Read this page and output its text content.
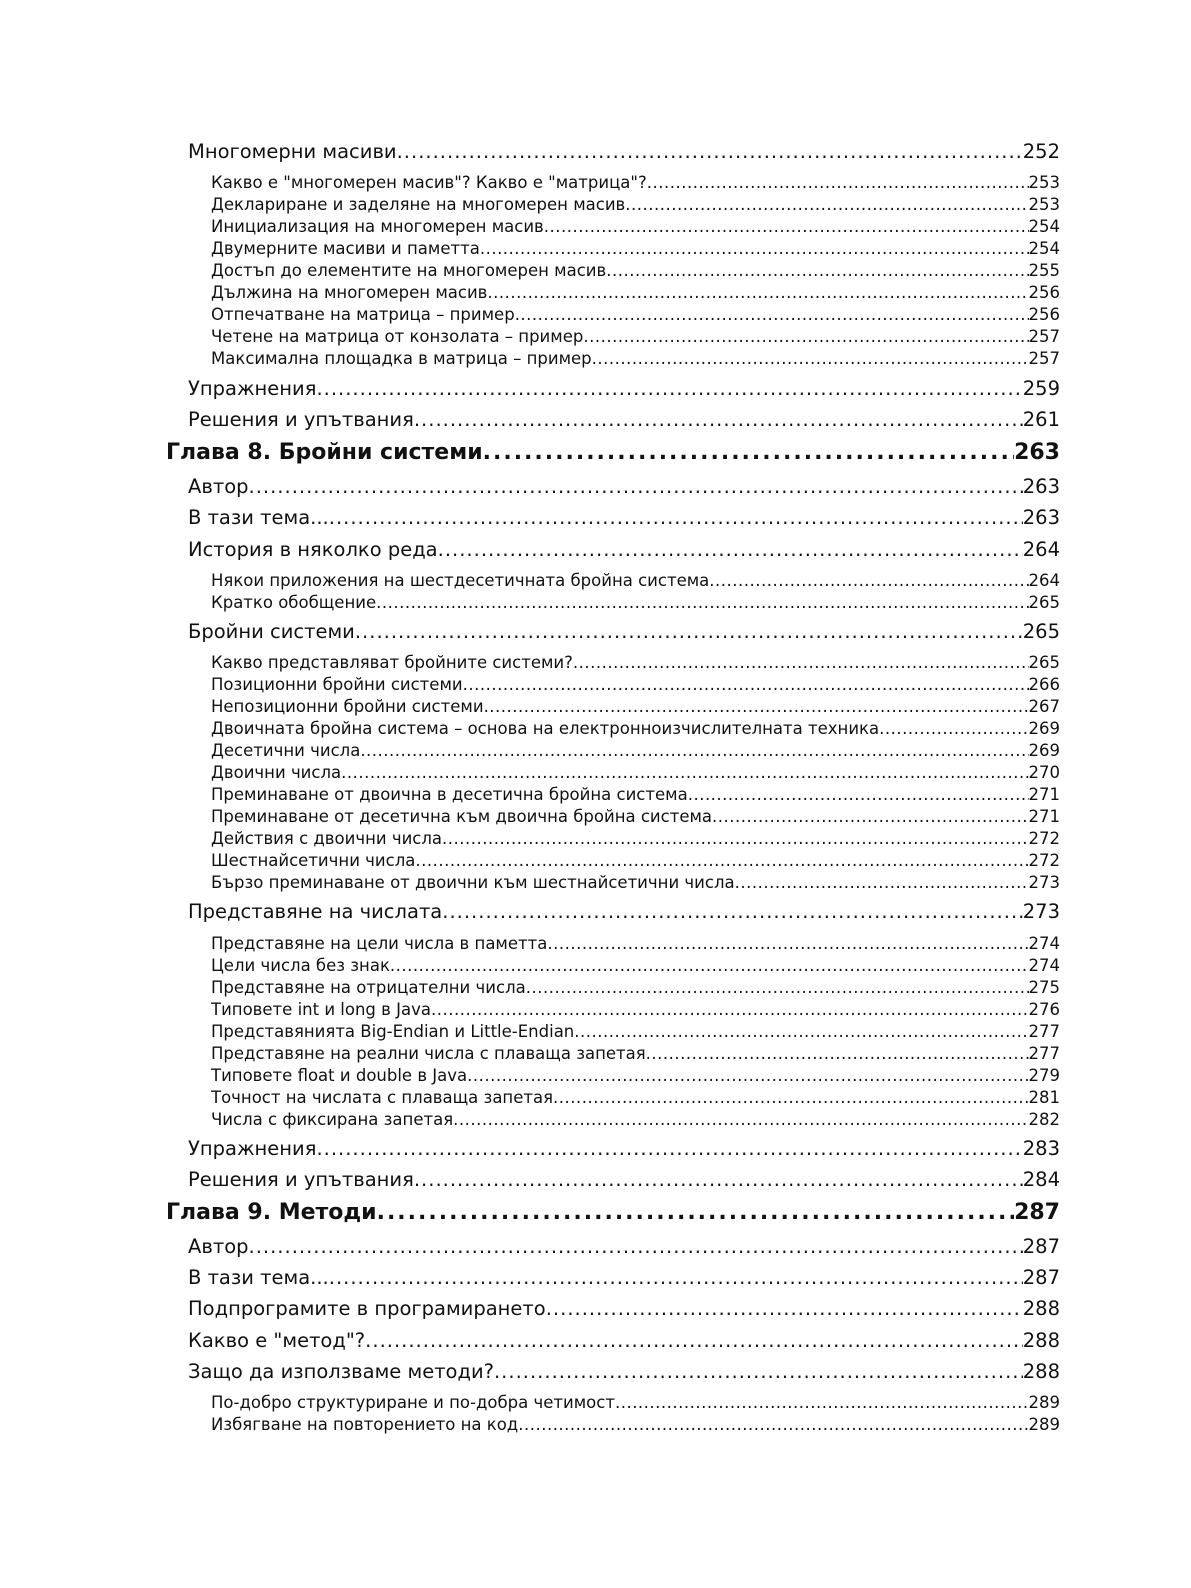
Многомерни масиви .....	252
Какво е "многомерен масив"? Какво е "матрица"? .....	253
Деклариране и заделяне на многомерен масив .....	253
Инициализация на многомерен масив .....	254
Двумерните масиви и паметта .....	254
Достъп до елементите на многомерен масив .....	255
Дължина на многомерен масив .....	256
Отпечатване на матрица – пример .....	256
Четене на матрица от конзолата – пример .....	257
Максимална площадка в матрица – пример .....	257
Упражнения .....	259
Решения и упътвания .....	261
Глава 8. Бройни системи .....	263
Автор .....	263
В тази тема... .....	263
История в няколко реда .....	264
Някои приложения на шестдесетичната бройна система .....	264
Кратко обобщение .....	265
Бройни системи .....	265
Какво представляват бройните системи? .....	265
Позиционни бройни системи .....	266
Непозиционни бройни системи .....	267
Двоичната бройна система – основа на електронноизчислителната техника .....	269
Десетични числа .....	269
Двоични числа .....	270
Преминаване от двоична в десетична бройна система .....	271
Преминаване от десетична към двоична бройна система .....	271
Действия с двоични числа .....	272
Шестнайсетични числа .....	272
Бързо преминаване от двоични към шестнайсетични числа .....	273
Представяне на числата .....	273
Представяне на цели числа в паметта .....	274
Цели числа без знак .....	274
Представяне на отрицателни числа .....	275
Типовете int и long в Java .....	276
Представянията Big-Endian и Little-Endian .....	277
Представяне на реални числа с плаваща запетая .....	277
Типовете float и double в Java .....	279
Точност на числата с плаваща запетая .....	281
Числа с фиксирана запетая .....	282
Упражнения .....	283
Решения и упътвания .....	284
Глава 9. Методи .....	287
Автор .....	287
В тази тема... .....	287
Подпрограмите в програмирането .....	288
Какво е "метод"? .....	288
Защо да използваме методи? .....	288
По-добро структуриране и по-добра четимост .....	289
Избягване на повторението на код .....	289
